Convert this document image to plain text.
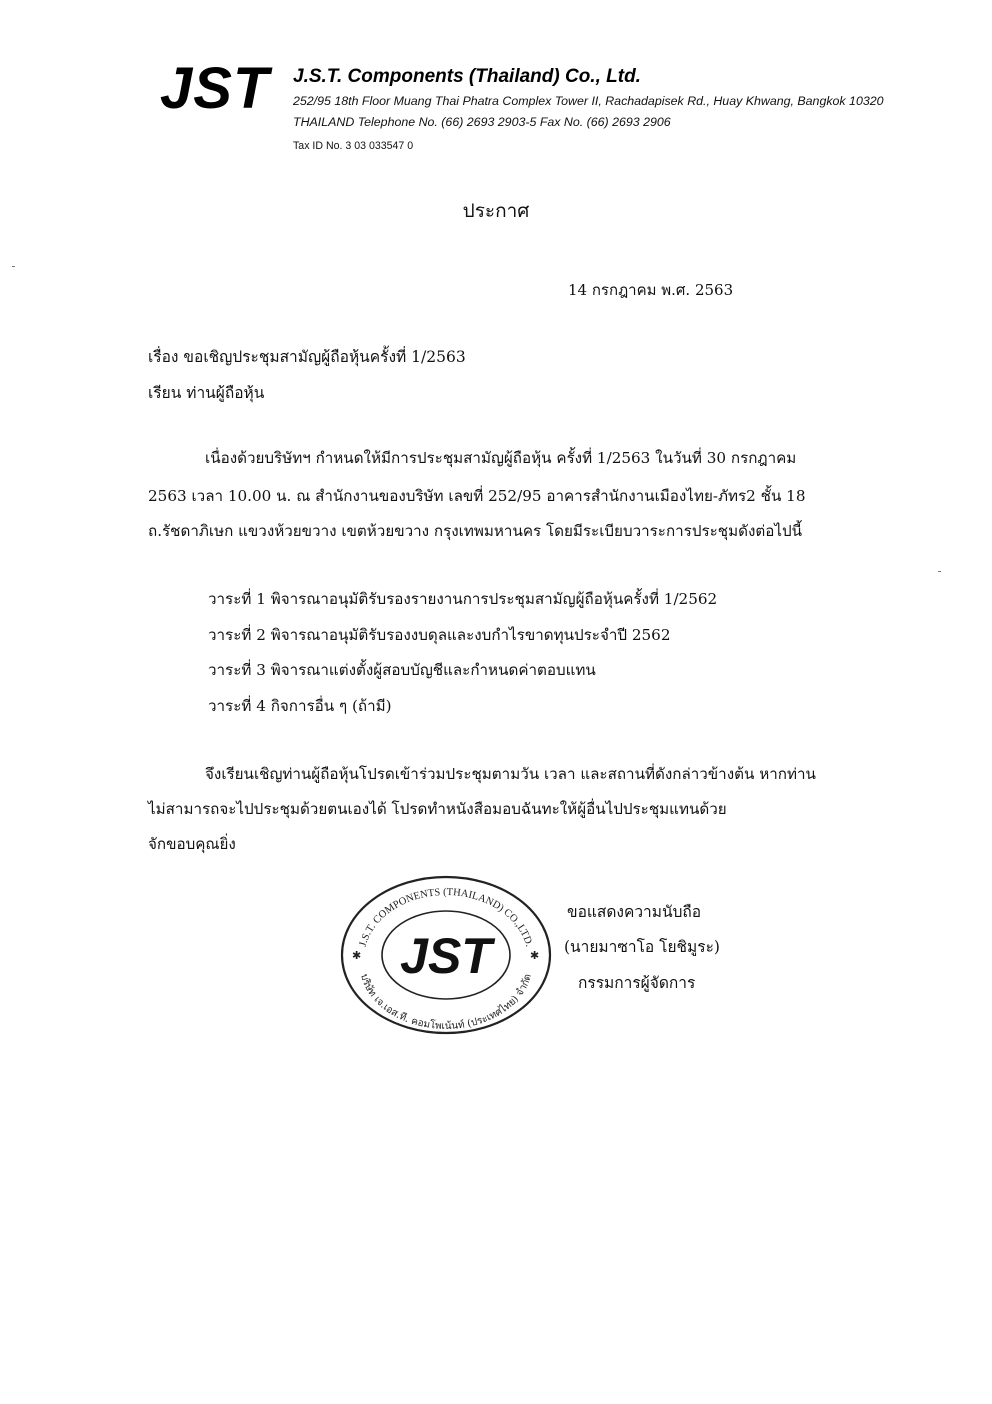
JST J.S.T. Components (Thailand) Co., Ltd.
252/95 18th Floor Muang Thai Phatra Complex Tower II, Rachadapisek Rd., Huay Khwang, Bangkok 10320
THAILAND Telephone No. (66) 2693 2903-5 Fax No. (66) 2693 2906
Tax ID No. 3 03 033547 0
ประกาศ
14 กรกฎาคม พ.ศ. 2563
เรื่อง ขอเชิญประชุมสามัญผู้ถือหุ้นครั้งที่ 1/2563
เรียน ท่านผู้ถือหุ้น
เนื่องด้วยบริษัทฯ กำหนดให้มีการประชุมสามัญผู้ถือหุ้น ครั้งที่ 1/2563 ในวันที่ 30 กรกฎาคม
2563 เวลา 10.00 น. ณ สำนักงานของบริษัท เลขที่ 252/95 อาคารสำนักงานเมืองไทย-ภัทร2 ชั้น 18
ถ.รัชดาภิเษก แขวงห้วยขวาง เขตห้วยขวาง กรุงเทพมหานคร โดยมีระเบียบวาระการประชุมดังต่อไปนี้
วาระที่ 1 พิจารณาอนุมัติรับรองรายงานการประชุมสามัญผู้ถือหุ้นครั้งที่ 1/2562
วาระที่ 2 พิจารณาอนุมัติรับรองงบดุลและงบกำไรขาดทุนประจำปี 2562
วาระที่ 3 พิจารณาแต่งตั้งผู้สอบบัญชีและกำหนดค่าตอบแทน
วาระที่ 4 กิจการอื่น ๆ (ถ้ามี)
จึงเรียนเชิญท่านผู้ถือหุ้นโปรดเข้าร่วมประชุมตามวัน เวลา และสถานที่ดังกล่าวข้างต้น หากท่าน
ไม่สามารถจะไปประชุมด้วยตนเองได้ โปรดทำหนังสือมอบฉันทะให้ผู้อื่นไปประชุมแทนด้วย
จักขอบคุณยิ่ง
J.S.T. COMPONENTS (THAILAND) CO.,LTD.
บริษัท เจ.เอส.ที. คอมโพเน้นท์ (ประเทศไทย) จำกัด
JST
✱	✱
ขอแสดงความนับถือ
(นายมาซาโอ โยชิมูระ)
กรรมการผู้จัดการ
